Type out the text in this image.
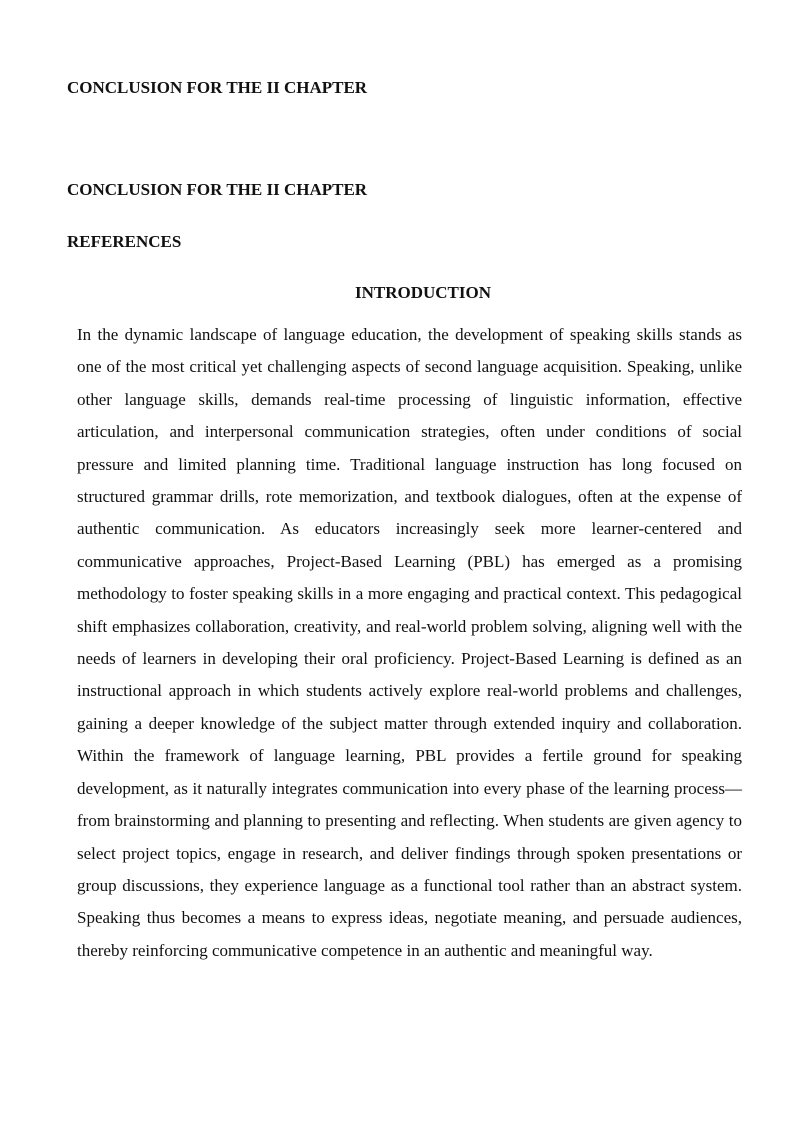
CONCLUSION FOR THE II CHAPTER
CONCLUSION FOR THE II CHAPTER
REFERENCES
INTRODUCTION

In the dynamic landscape of language education, the development of speaking skills stands as one of the most critical yet challenging aspects of second language acquisition. Speaking, unlike other language skills, demands real-time processing of linguistic information, effective articulation, and interpersonal communication strategies, often under conditions of social pressure and limited planning time. Traditional language instruction has long focused on structured grammar drills, rote memorization, and textbook dialogues, often at the expense of authentic communication. As educators increasingly seek more learner-centered and communicative approaches, Project-Based Learning (PBL) has emerged as a promising methodology to foster speaking skills in a more engaging and practical context. This pedagogical shift emphasizes collaboration, creativity, and real-world problem solving, aligning well with the needs of learners in developing their oral proficiency. Project-Based Learning is defined as an instructional approach in which students actively explore real-world problems and challenges, gaining a deeper knowledge of the subject matter through extended inquiry and collaboration. Within the framework of language learning, PBL provides a fertile ground for speaking development, as it naturally integrates communication into every phase of the learning process—from brainstorming and planning to presenting and reflecting. When students are given agency to select project topics, engage in research, and deliver findings through spoken presentations or group discussions, they experience language as a functional tool rather than an abstract system. Speaking thus becomes a means to express ideas, negotiate meaning, and persuade audiences, thereby reinforcing communicative competence in an authentic and meaningful way.
